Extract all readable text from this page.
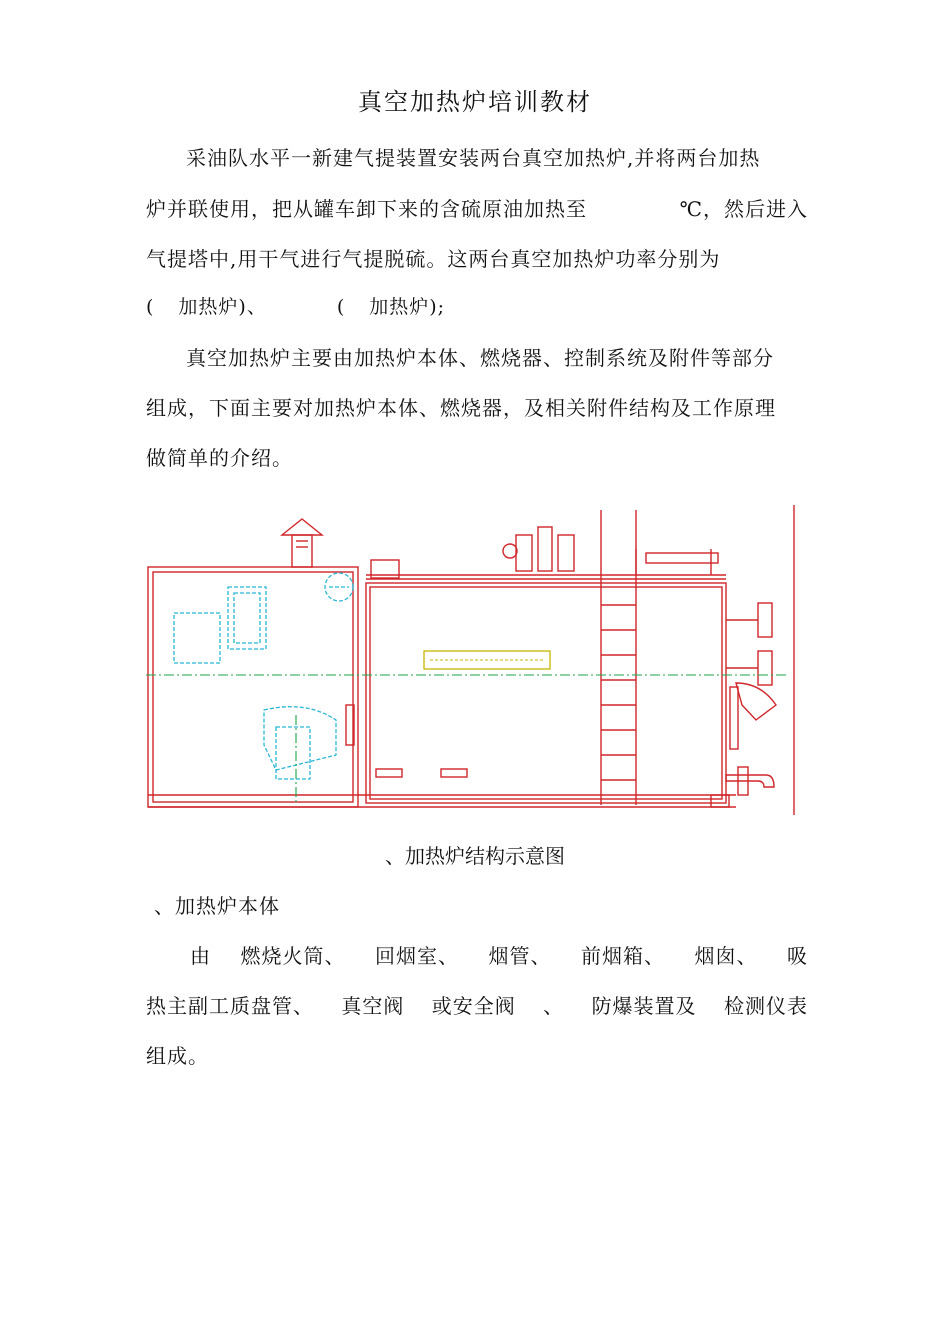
真空加热炉培训教材
采油队水平一新建气提装置安装两台真空加热炉,并将两台加热
炉并联使用，把从罐车卸下来的含硫原油加热至	℃，然后进入
气提塔中,用干气进行气提脱硫。这两台真空加热炉功率分别为
( 加热炉)、	( 加热炉);
真空加热炉主要由加热炉本体、燃烧器、控制系统及附件等部分
组成，下面主要对加热炉本体、燃烧器，及相关附件结构及工作原理
做简单的介绍。
、加热炉结构示意图
、加热炉本体
由 燃烧火筒、 回烟室、 烟管、 前烟箱、 烟囱、 吸
热主副工质盘管、 真空阀 或安全阀 、 防爆装置及 检测仪表
组成。
